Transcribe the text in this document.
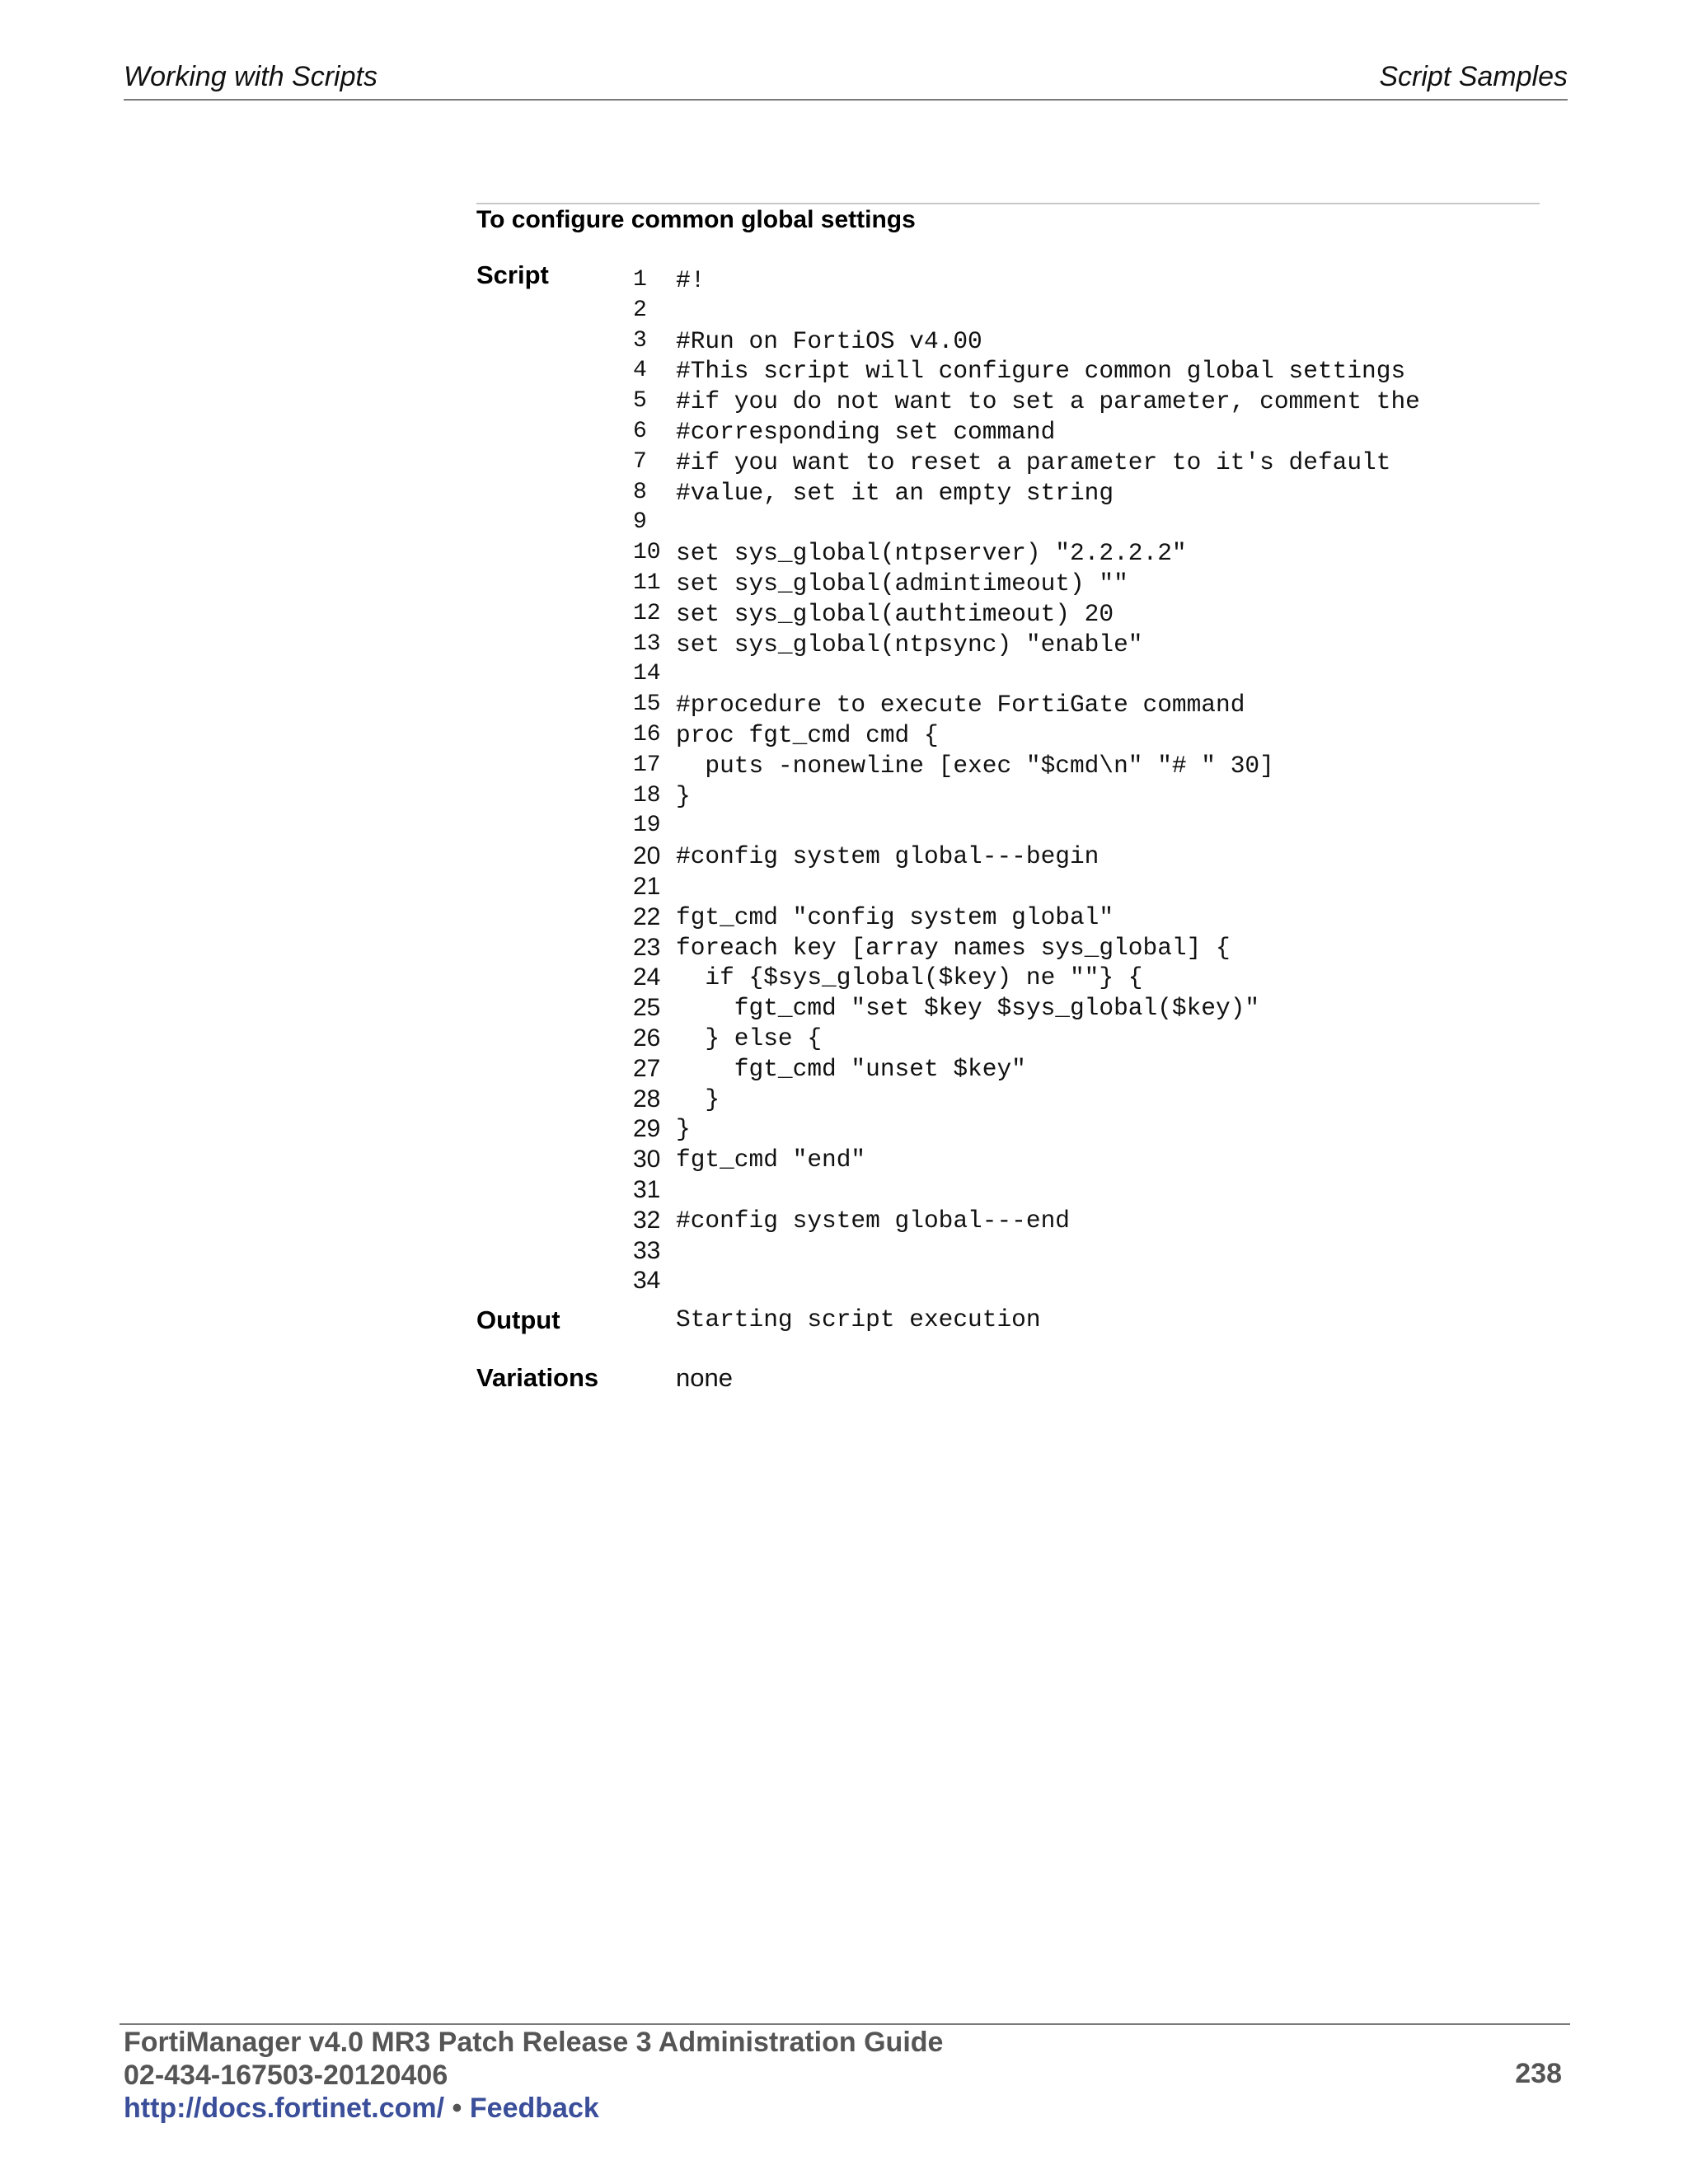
Working with Scripts	Script Samples
To configure common global settings
Script	1 #!
2
3 #Run on FortiOS v4.00
4 #This script will configure common global settings
5 #if you do not want to set a parameter, comment the
6 #corresponding set command
7 #if you want to reset a parameter to it's default
8 #value, set it an empty string
9
10 set sys_global(ntpserver) "2.2.2.2"
11 set sys_global(admintimeout) ""
12 set sys_global(authtimeout) 20
13 set sys_global(ntpsync) "enable"
14
15 #procedure to execute FortiGate command
16 proc fgt_cmd cmd {
17  puts -nonewline [exec "$cmd\n" "# " 30]
18 }
19
20 #config system global---begin
21
22 fgt_cmd "config system global"
23 foreach key [array names sys_global] {
24  if {$sys_global($key) ne ""} {
25    fgt_cmd "set $key $sys_global($key)"
26  } else {
27    fgt_cmd "unset $key"
28  }
29 }
30 fgt_cmd "end"
31
32 #config system global---end
33
34
Output	Starting script execution
Variations	none
FortiManager v4.0 MR3 Patch Release 3 Administration Guide
02-434-167503-20120406
http://docs.fortinet.com/ • Feedback
238
